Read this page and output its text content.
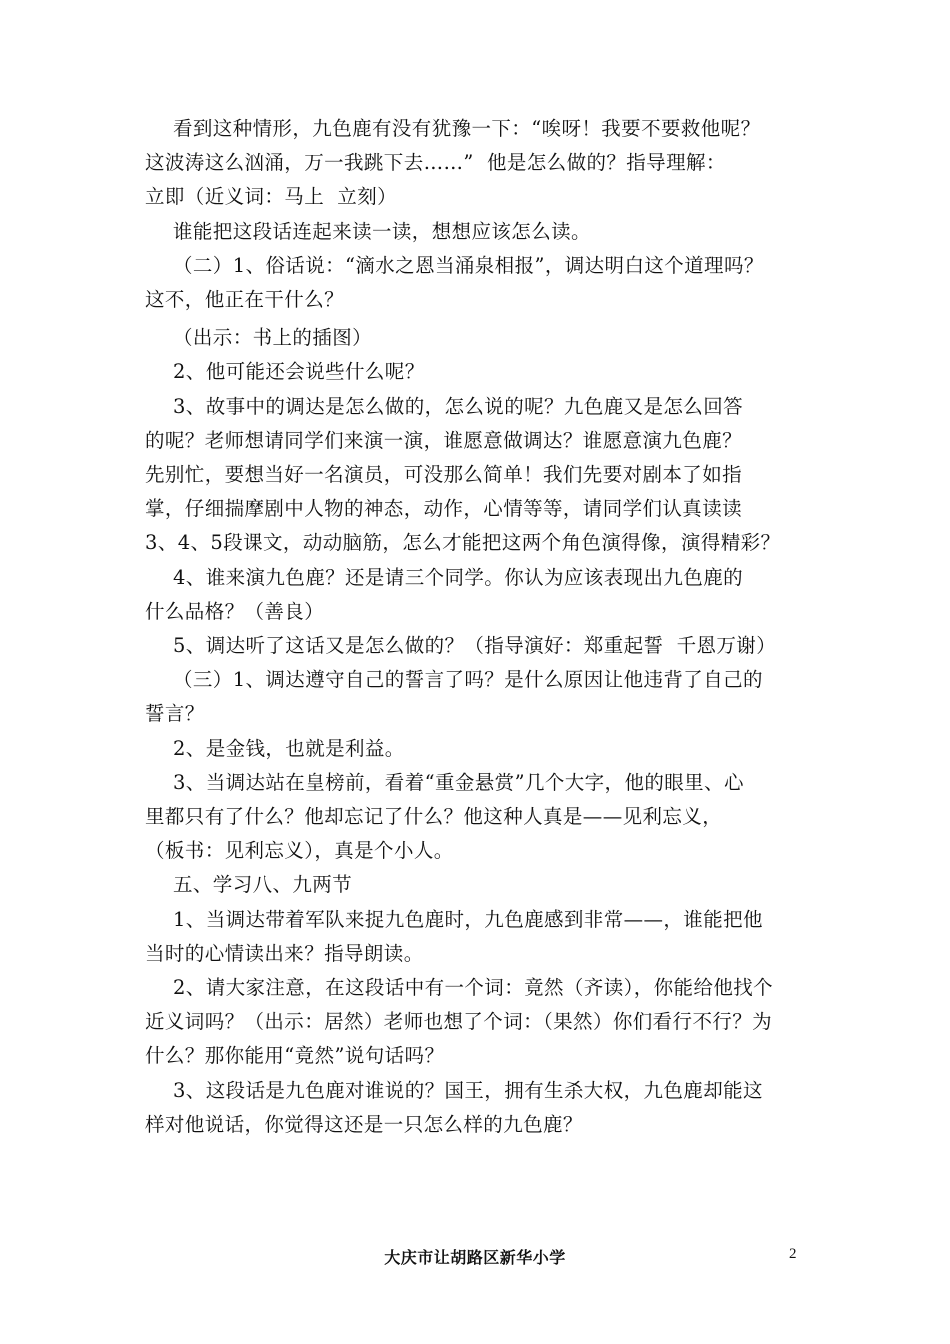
看到这种情形，九色鹿有没有犹豫一下：“唉呀！我要不要救他呢？

这波涛这么汹涌，万一我跳下去……”  他是怎么做的？指导理解：

立即（近义词：马上  立刻）

谁能把这段话连起来读一读，想想应该怎么读。

（二）1、俗话说：“滴水之恩当涌泉相报”，调达明白这个道理吗？

这不，他正在干什么？

（出示：书上的插图）

2、他可能还会说些什么呢？

3、故事中的调达是怎么做的，怎么说的呢？九色鹿又是怎么回答

的呢？老师想请同学们来演一演，谁愿意做调达？谁愿意演九色鹿？

先别忙，要想当好一名演员，可没那么简单！我们先要对剧本了如指

掌，仔细揣摩剧中人物的神态，动作，心情等等，请同学们认真读读

3、4、5段课文，动动脑筋，怎么才能把这两个角色演得像，演得精彩？

4、谁来演九色鹿？还是请三个同学。你认为应该表现出九色鹿的

什么品格？（善良）

5、调达听了这话又是怎么做的？（指导演好：郑重起誓  千恩万谢）

（三）1、调达遵守自己的誓言了吗？是什么原因让他违背了自己的

誓言？

2、是金钱，也就是利益。

3、当调达站在皇榜前，看着“重金悬赏”几个大字，他的眼里、心

里都只有了什么？他却忘记了什么？他这种人真是——见利忘义，

（板书：见利忘义），真是个小人。

五、学习八、九两节

1、当调达带着军队来捉九色鹿时，九色鹿感到非常——，谁能把他

当时的心情读出来？指导朗读。

2、请大家注意，在这段话中有一个词：竟然（齐读），你能给他找个

近义词吗？（出示：居然）老师也想了个词：（果然）你们看行不行？为

什么？那你能用“竟然”说句话吗？

3、这段话是九色鹿对谁说的？国王，拥有生杀大权，九色鹿却能这

样对他说话，你觉得这还是一只怎么样的九色鹿？

大庆市让胡路区新华小学	2
